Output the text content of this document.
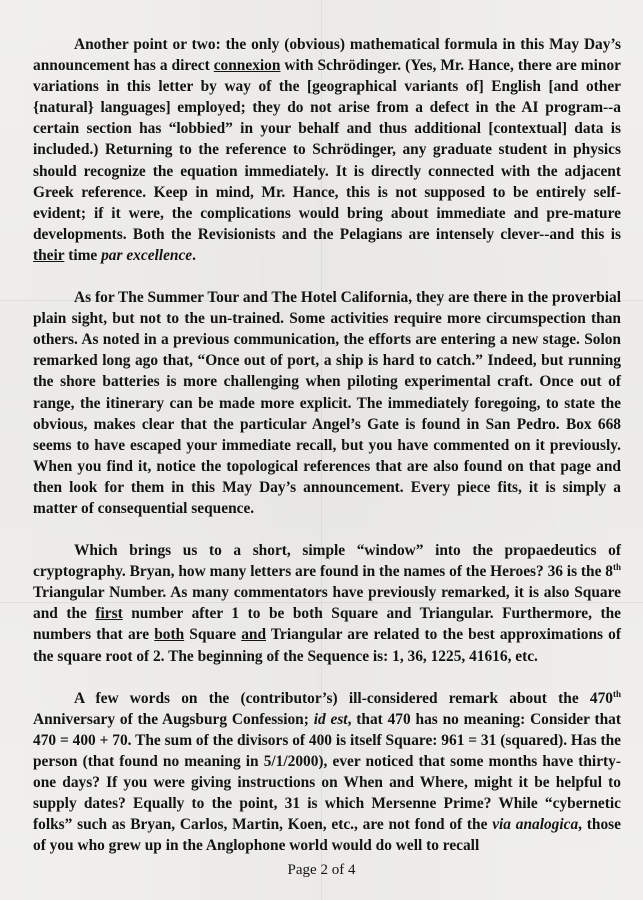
Another point or two: the only (obvious) mathematical formula in this May Day’s announcement has a direct connexion with Schrödinger. (Yes, Mr. Hance, there are minor variations in this letter by way of the [geographical variants of] English [and other {natural} languages] employed; they do not arise from a defect in the AI program--a certain section has “lobbied” in your behalf and thus additional [contextual] data is included.) Returning to the reference to Schrödinger, any graduate student in physics should recognize the equation immediately. It is directly connected with the adjacent Greek reference. Keep in mind, Mr. Hance, this is not supposed to be entirely self-evident; if it were, the complications would bring about immediate and pre-mature developments. Both the Revisionists and the Pelagians are intensely clever--and this is their time par excellence.

As for The Summer Tour and The Hotel California, they are there in the proverbial plain sight, but not to the un-trained. Some activities require more circumspection than others. As noted in a previous communication, the efforts are entering a new stage. Solon remarked long ago that, “Once out of port, a ship is hard to catch.” Indeed, but running the shore batteries is more challenging when piloting experimental craft. Once out of range, the itinerary can be made more explicit. The immediately foregoing, to state the obvious, makes clear that the particular Angel’s Gate is found in San Pedro. Box 668 seems to have escaped your immediate recall, but you have commented on it previously. When you find it, notice the topological references that are also found on that page and then look for them in this May Day’s announcement. Every piece fits, it is simply a matter of consequential sequence.

Which brings us to a short, simple “window” into the propaedeutics of cryptography. Bryan, how many letters are found in the names of the Heroes? 36 is the 8th Triangular Number. As many commentators have previously remarked, it is also Square and the first number after 1 to be both Square and Triangular. Furthermore, the numbers that are both Square and Triangular are related to the best approximations of the square root of 2. The beginning of the Sequence is: 1, 36, 1225, 41616, etc.

A few words on the (contributor’s) ill-considered remark about the 470th Anniversary of the Augsburg Confession; id est, that 470 has no meaning: Consider that 470 = 400 + 70. The sum of the divisors of 400 is itself Square: 961 = 31 (squared). Has the person (that found no meaning in 5/1/2000), ever noticed that some months have thirty-one days? If you were giving instructions on When and Where, might it be helpful to supply dates? Equally to the point, 31 is which Mersenne Prime? While “cybernetic folks” such as Bryan, Carlos, Martin, Koen, etc., are not fond of the via analogica, those of you who grew up in the Anglophone world would do well to recall

Page 2 of 4
